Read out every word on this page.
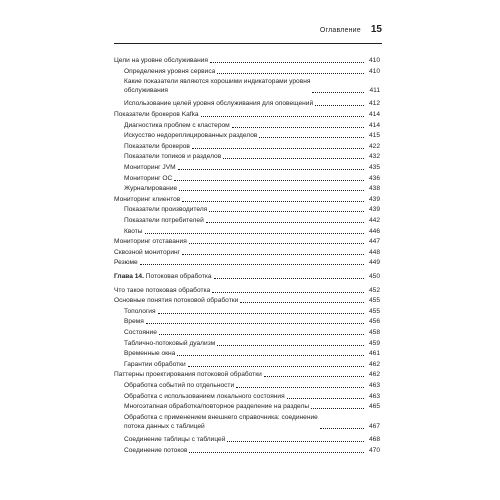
Оглавление 15
Цели на уровне обслуживания	410
Определения уровня сервиса	410
Какие показатели являются хорошими индикаторами уровня
обслуживания	411
Использование целей уровня обслуживания для оповещений	412
Показатели брокеров Kafka	414
Диагностика проблем с кластером	414
Искусство недореплицированных разделов	415
Показатели брокеров	422
Показатели топиков и разделов	432
Мониторинг JVM	435
Мониторинг ОС	436
Журналирование	438
Мониторинг клиентов	439
Показатели производителя	439
Показатели потребителей	442
Квоты	446
Мониторинг отставания	447
Сквозной мониторинг	448
Резюме	449
Глава 14. Потоковая обработка	450
Что такое потоковая обработка	452
Основные понятия потоковой обработки	455
Топология	455
Время	456
Состояние	458
Таблично-потоковый дуализм	459
Временные окна	461
Гарантии обработки	462
Паттерны проектирования потоковой обработки	462
Обработка событий по отдельности	463
Обработка с использованием локального состояния	463
Многоэтапная обработка/повторное разделение на разделы	465
Обработка с применением внешнего справочника: соединение
потока данных с таблицей	467
Соединение таблицы с таблицей	468
Соединение потоков	470
